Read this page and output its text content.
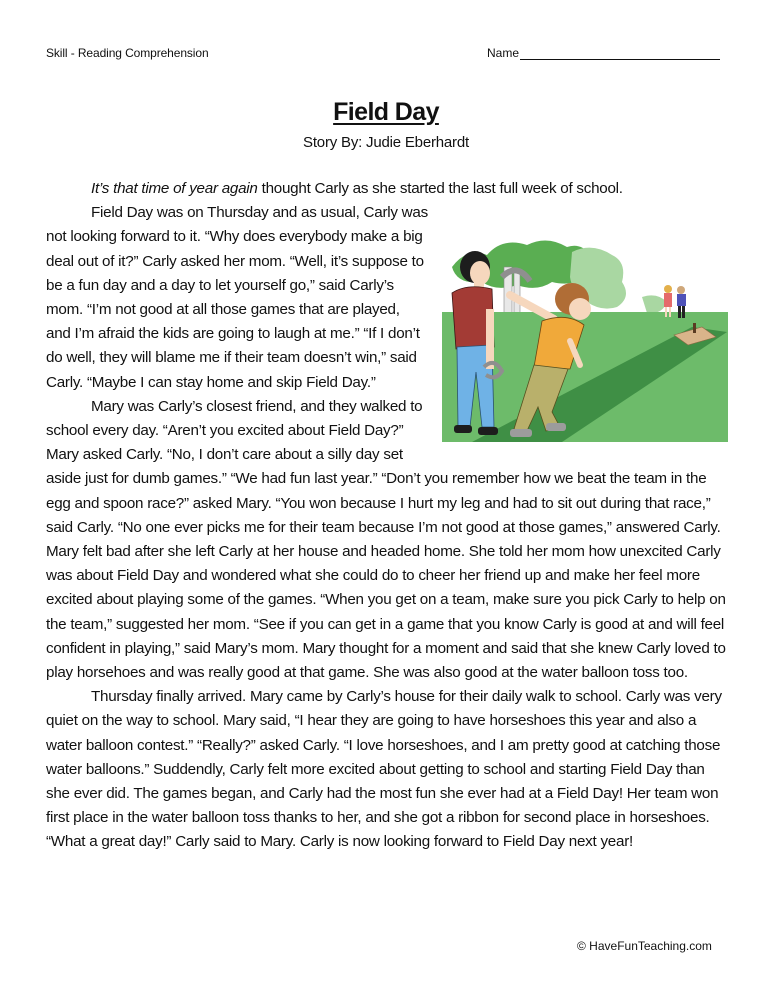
Skill - Reading Comprehension	Name
Field Day
Story By: Judie Eberhardt

It’s that time of year again thought Carly as she started the last full week of school.

Field Day was on Thursday and as usual, Carly was not looking forward to it. “Why does everybody make a big deal out of it?” Carly asked her mom. “Well, it’s suppose to be a fun day and a day to let yourself go,” said Carly’s mom. “I’m not good at all those games that are played, and I’m afraid the kids are going to laugh at me.” “If I don’t do well, they will blame me if their team doesn’t win,” said Carly. “Maybe I can stay home and skip Field Day.”

Mary was Carly’s closest friend, and they walked to school every day. “Aren’t you excited about Field Day?” Mary asked Carly. “No, I don’t care about a silly day set aside just for dumb games.” “We had fun last year.” “Don’t you remember how we beat the team in the egg and spoon race?” asked Mary. “You won because I hurt my leg and had to sit out during that race,” said Carly. “No one ever picks me for their team because I’m not good at those games,” answered Carly. Mary felt bad after she left Carly at her house and headed home. She told her mom how unexcited Carly was about Field Day and wondered what she could do to cheer her friend up and make her feel more excited about playing some of the games. “When you get on a team, make sure you pick Carly to help on the team,” suggested her mom. “See if you can get in a game that you know Carly is good at and will feel confident in playing,” said Mary’s mom. Mary thought for a moment and said that she knew Carly loved to play horsehoes and was really good at that game. She was also good at the water balloon toss too.

Thursday finally arrived. Mary came by Carly’s house for their daily walk to school. Carly was very quiet on the way to school. Mary said, “I hear they are going to have horseshoes this year and also a water balloon contest.” “Really?” asked Carly. “I love horseshoes, and I am pretty good at catching those water balloons.” Suddendly, Carly felt more excited about getting to school and starting Field Day than she ever did. The games began, and Carly had the most fun she ever had at a Field Day! Her team won first place in the water balloon toss thanks to her, and she got a ribbon for second place in horseshoes. “What a great day!” Carly said to Mary. Carly is now looking forward to Field Day next year!

© HaveFunTeaching.com
